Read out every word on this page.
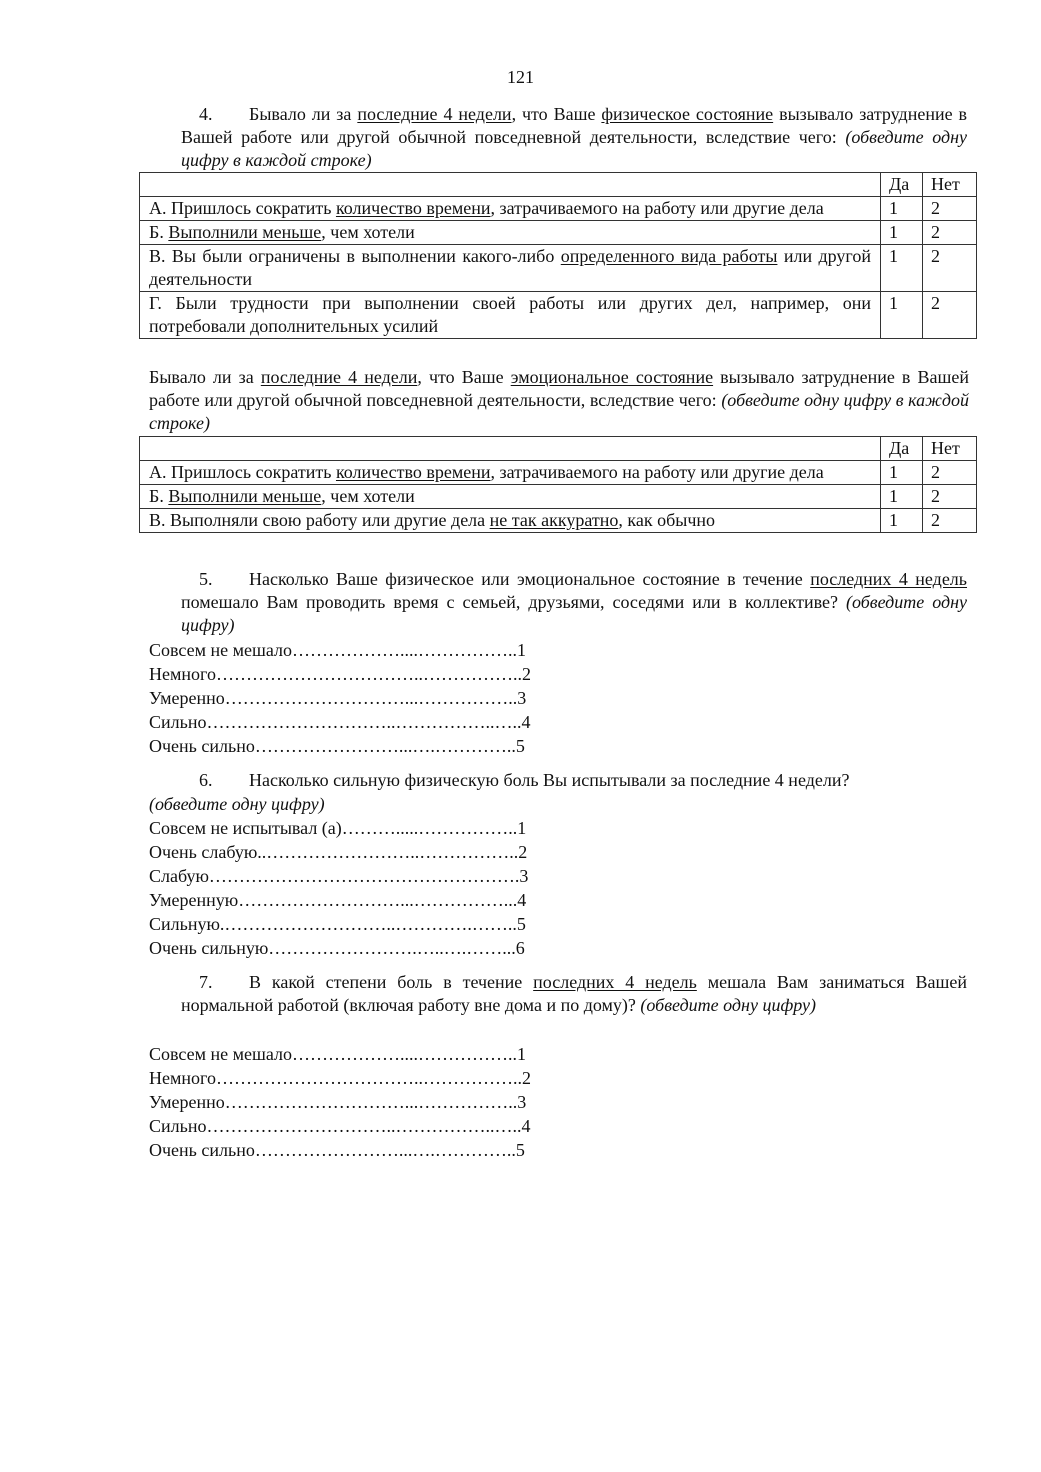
121
4. Бывало ли за последние 4 недели, что Ваше физическое состояние вызывало затруднение в Вашей работе или другой обычной повседневной деятельности, вследствие чего: (обведите одну цифру в каждой строке)
	Да	Нет
А. Пришлось сократить количество времени, затрачиваемого на работу или другие дела	1	2
Б. Выполнили меньше, чем хотели	1	2
В. Вы были ограничены в выполнении какого-либо определенного вида работы или другой деятельности	1	2
Г. Были трудности при выполнении своей работы или других дел, например, они потребовали дополнительных усилий	1	2
Бывало ли за последние 4 недели, что Ваше эмоциональное состояние вызывало затруднение в Вашей работе или другой обычной повседневной деятельности, вследствие чего: (обведите одну цифру в каждой строке)
	Да	Нет
А. Пришлось сократить количество времени, затрачиваемого на работу или другие дела	1	2
Б. Выполнили меньше, чем хотели	1	2
В. Выполняли свою работу или другие дела не так аккуратно, как обычно	1	2
5. Насколько Ваше физическое или эмоциональное состояние в течение последних 4 недель помешало Вам проводить время с семьей, друзьями, соседями или в коллективе? (обведите одну цифру)
Совсем не мешало………………....……………..1
Немного……………………………..……………..2
Умеренно…………………………...……………..3
Сильно…………………………..……………..…..4
Очень сильно……………………...….…………..5
6. Насколько сильную физическую боль Вы испытывали за последние 4 недели?
(обведите одну цифру)
Совсем не испытывал (а)……….....……………..1
Очень слабую..……………………..……………..2
Слабую…………………………………………….3
Умеренную………………………...……………...4
Сильную.………………………..………….……..5
Очень сильную…………………….…..….……...6
7. В какой степени боль в течение последних 4 недель мешала Вам заниматься Вашей нормальной работой (включая работу вне дома и по дому)? (обведите одну цифру)
Совсем не мешало………………....……………..1
Немного……………………………..……………..2
Умеренно…………………………...……………..3
Сильно…………………………..……………..…..4
Очень сильно……………………...….…………..5
